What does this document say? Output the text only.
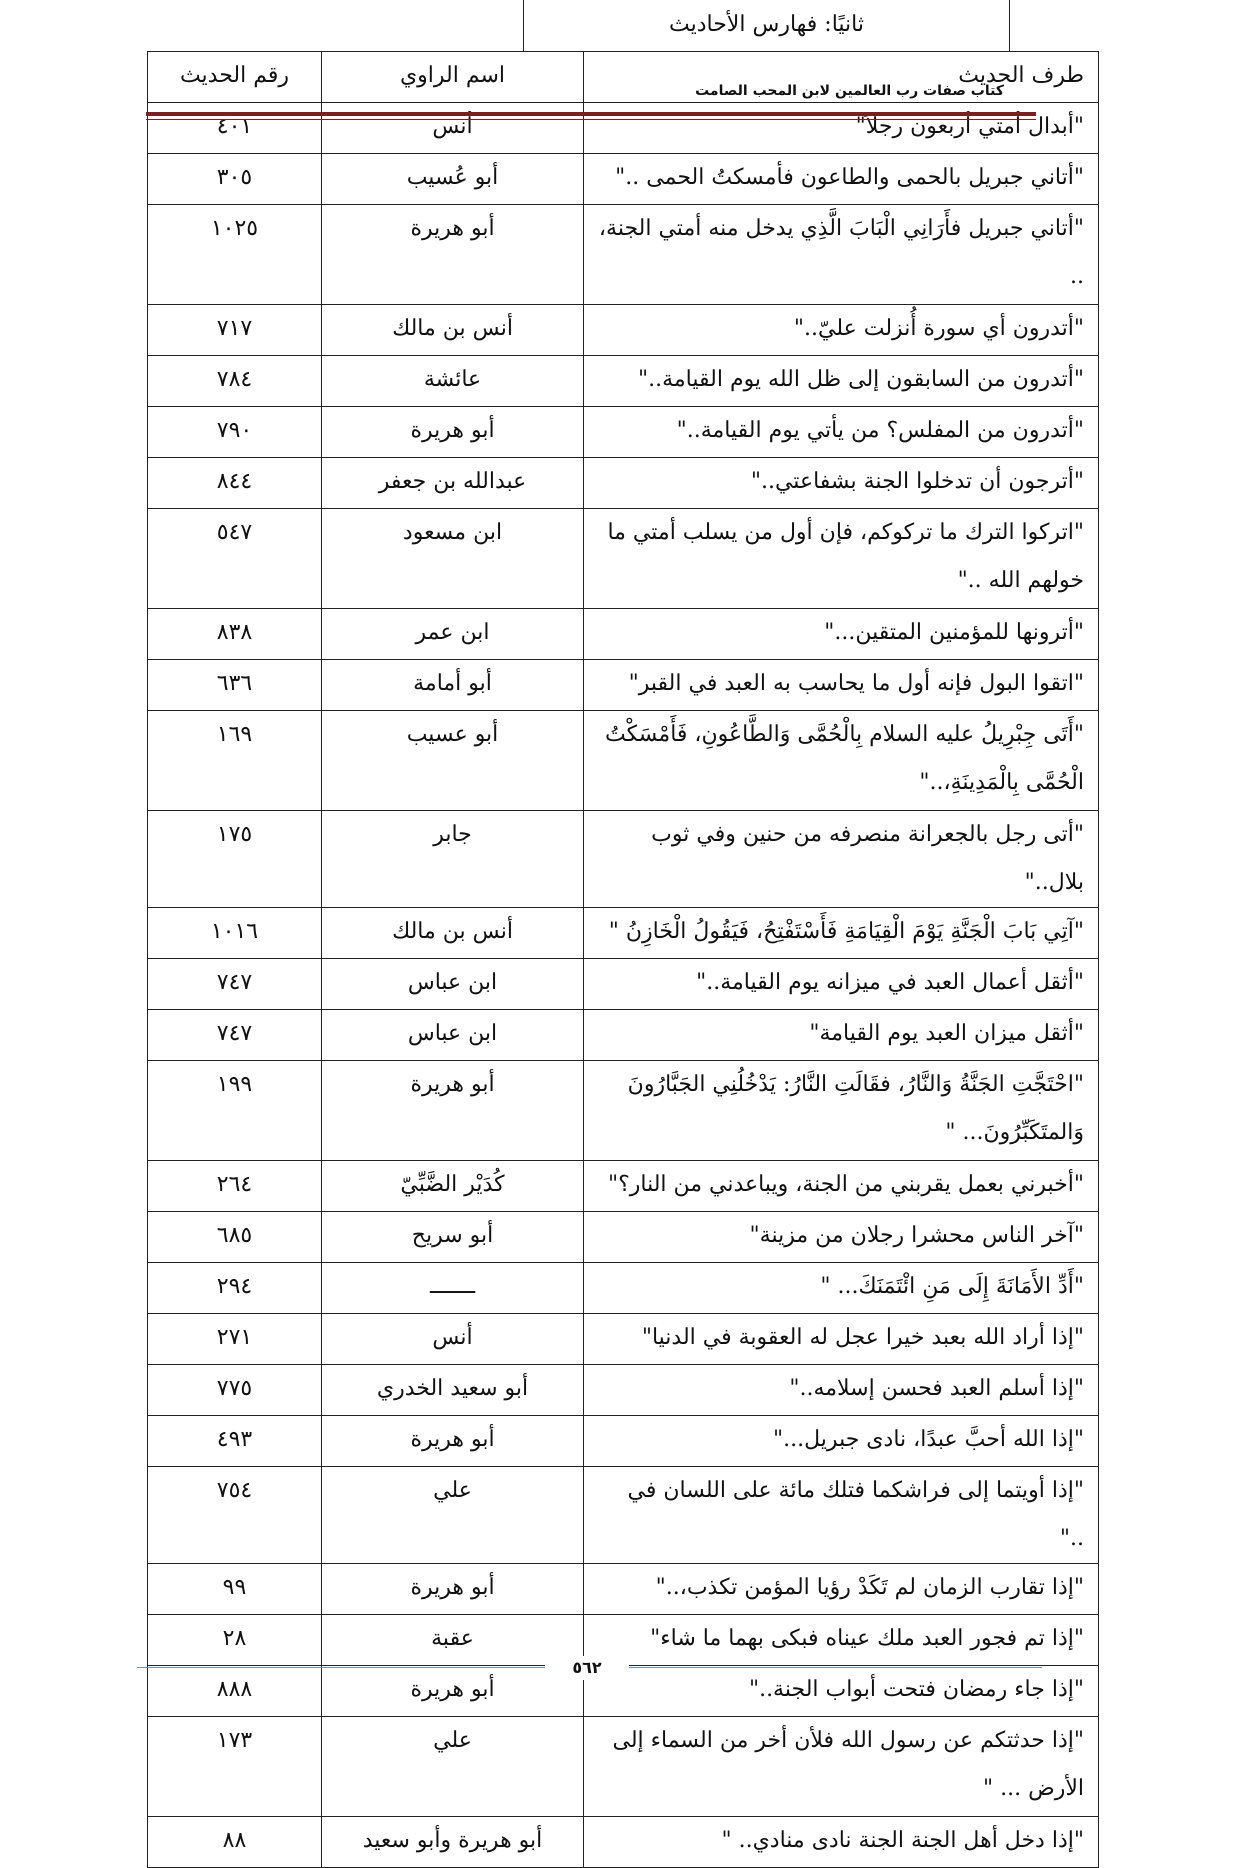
ثانيًا: فهارس الأحاديث
طرف الحديث	اسم الراوي	رقم الحديث
"أبدال أمتي أربعون رجلاً"	أنس	٤٠١
"أتاني جبريل بالحمى والطاعون فأمسكتُ الحمى .."	أبو عُسيب	٣٠٥
"أتاني جبريل فأَرَانِي الْبَابَ الَّذِي يدخل منه أمتي الجنة، ..	أبو هريرة	١٠٢٥
"أتدرون أي سورة أُنزلت عليّ.."	أنس بن مالك	٧١٧
"أتدرون من السابقون إلى ظل الله يوم القيامة.."	عائشة	٧٨٤
"أتدرون من المفلس؟ من يأتي يوم القيامة.."	أبو هريرة	٧٩٠
"أترجون أن تدخلوا الجنة بشفاعتي.."	عبدالله بن جعفر	٨٤٤
"اتركوا الترك ما تركوكم، فإن أول من يسلب أمتي ما خولهم الله .."	ابن مسعود	٥٤٧
"أترونها للمؤمنين المتقين..."	ابن عمر	٨٣٨
"اتقوا البول فإنه أول ما يحاسب به العبد في القبر"	أبو أمامة	٦٣٦
"أَتَى جِبْرِيلُ عليه السلام بِالْحُمَّى وَالطَّاعُونِ، فَأَمْسَكْتُ الْحُمَّى بِالْمَدِينَةِ،.."	أبو عسيب	١٦٩
"أتى رجل بالجعرانة منصرفه من حنين وفي ثوب بلال.."	جابر	١٧٥
"آتِي بَابَ الْجَنَّةِ يَوْمَ الْقِيَامَةِ فَأَسْتَفْتِحُ، فَيَقُولُ الْخَازِنُ "	أنس بن مالك	١٠١٦
"أثقل أعمال العبد في ميزانه يوم القيامة.."	ابن عباس	٧٤٧
"أثقل ميزان العبد يوم القيامة"	ابن عباس	٧٤٧
"احْتَجَّتِ الجَنَّةُ وَالنَّارُ، فقَالَتِ النَّارُ: يَدْخُلُنِي الجَبَّارُونَ وَالمتَكَبِّرُونَ... "	أبو هريرة	١٩٩
"أخبرني بعمل يقربني من الجنة، ويباعدني من النار؟"	كُدَيْر الضَّبِّيّ	٢٦٤
"آخر الناس محشرا رجلان من مزينة"	أبو سريح	٦٨٥
"أَدِّ الأَمَانَةَ إِلَى مَنِ ائْتَمَنَكَ... "	ـــــــ	٢٩٤
"إذا أراد الله بعبد خيرا عجل له العقوبة في الدنيا"	أنس	٢٧١
"إذا أسلم العبد فحسن إسلامه.."	أبو سعيد الخدري	٧٧٥
"إذا الله أحبَّ عبدًا، نادى جبريل..."	أبو هريرة	٤٩٣
"إذا أويتما إلى فراشكما فتلك مائة على اللسان في .."	علي	٧٥٤
"إذا تقارب الزمان لم تَكَدْ رؤيا المؤمن تكذب،.."	أبو هريرة	٩٩
"إذا تم فجور العبد ملك عيناه فبكى بهما ما شاء"	عقبة	٢٨
"إذا جاء رمضان فتحت أبواب الجنة.."	أبو هريرة	٨٨٨
"إذا حدثتكم عن رسول الله فلأن أخر من السماء إلى الأرض ... "	علي	١٧٣
"إذا دخل أهل الجنة الجنة نادى منادي.. "	أبو هريرة وأبو سعيد	٨٨
كتاب صفات رب العالمين لابن المحب الصامت
٥٦٢
